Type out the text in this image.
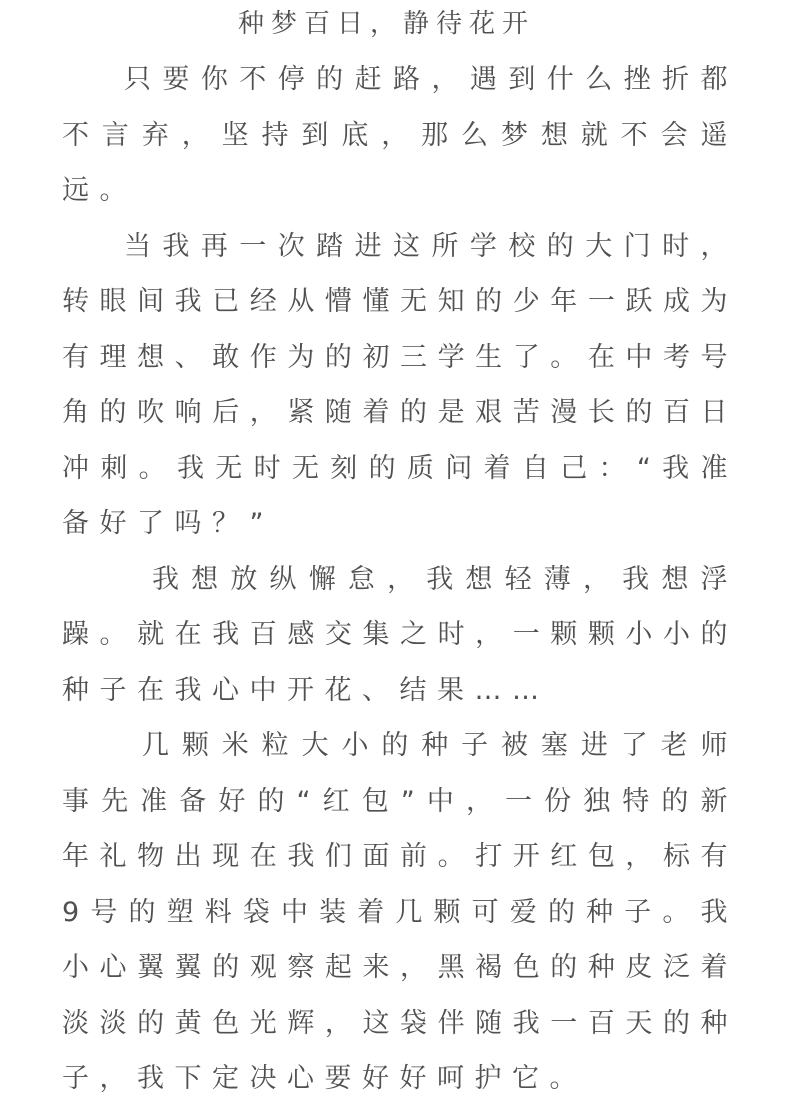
种梦百日，静待花开

只要你不停的赶路，遇到什么挫折都不言弃，坚持到底，那么梦想就不会遥远。

当我再一次踏进这所学校的大门时，转眼间我已经从懵懂无知的少年一跃成为有理想、敢作为的初三学生了。在中考号角的吹响后，紧随着的是艰苦漫长的百日冲刺。我无时无刻的质问着自己：“我准备好了吗？”

我想放纵懈怠，我想轻薄，我想浮躁。就在我百感交集之时，一颗颗小小的种子在我心中开花、结果……

几颗米粒大小的种子被塞进了老师事先准备好的“红包”中，一份独特的新年礼物出现在我们面前。打开红包，标有9号的塑料袋中装着几颗可爱的种子。我小心翼翼的观察起来，黑褐色的种皮泛着淡淡的黄色光辉，这袋伴随我一百天的种子，我下定决心要好好呵护它。
